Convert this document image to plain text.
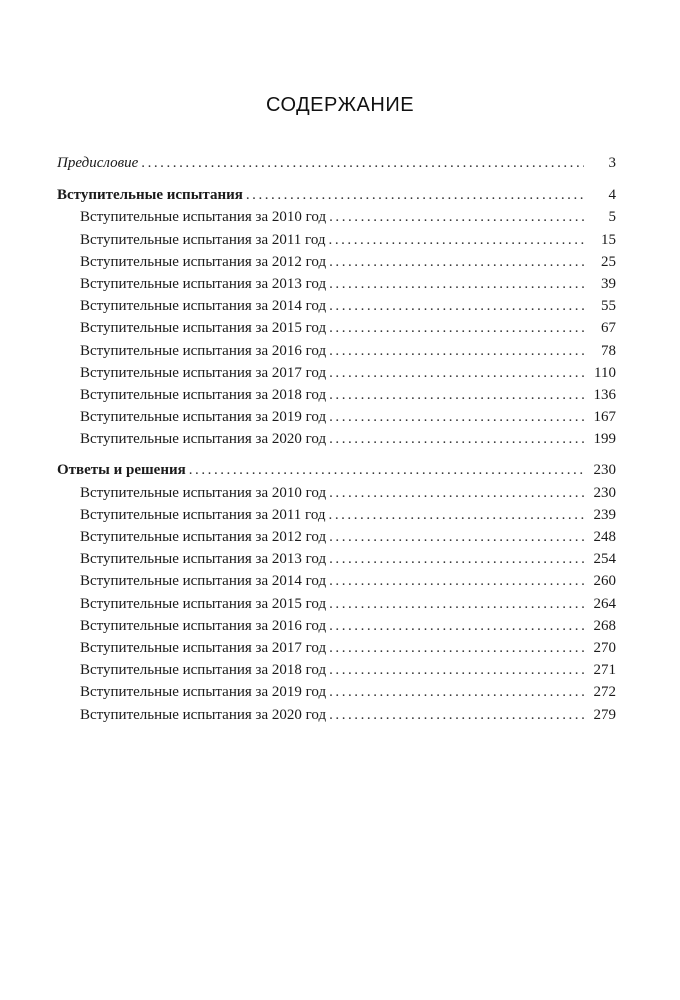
СОДЕРЖАНИЕ
Предисловие . . .	3
Вступительные испытания . . .	4
Вступительные испытания за 2010 год . . .	5
Вступительные испытания за 2011 год . . .	15
Вступительные испытания за 2012 год . . .	25
Вступительные испытания за 2013 год . . .	39
Вступительные испытания за 2014 год . . .	55
Вступительные испытания за 2015 год . . .	67
Вступительные испытания за 2016 год . . .	78
Вступительные испытания за 2017 год . . .	110
Вступительные испытания за 2018 год . . .	136
Вступительные испытания за 2019 год . . .	167
Вступительные испытания за 2020 год . . .	199
Ответы и решения . . .	230
Вступительные испытания за 2010 год . . .	230
Вступительные испытания за 2011 год . . .	239
Вступительные испытания за 2012 год . . .	248
Вступительные испытания за 2013 год . . .	254
Вступительные испытания за 2014 год . . .	260
Вступительные испытания за 2015 год . . .	264
Вступительные испытания за 2016 год . . .	268
Вступительные испытания за 2017 год . . .	270
Вступительные испытания за 2018 год . . .	271
Вступительные испытания за 2019 год . . .	272
Вступительные испытания за 2020 год . . .	279
